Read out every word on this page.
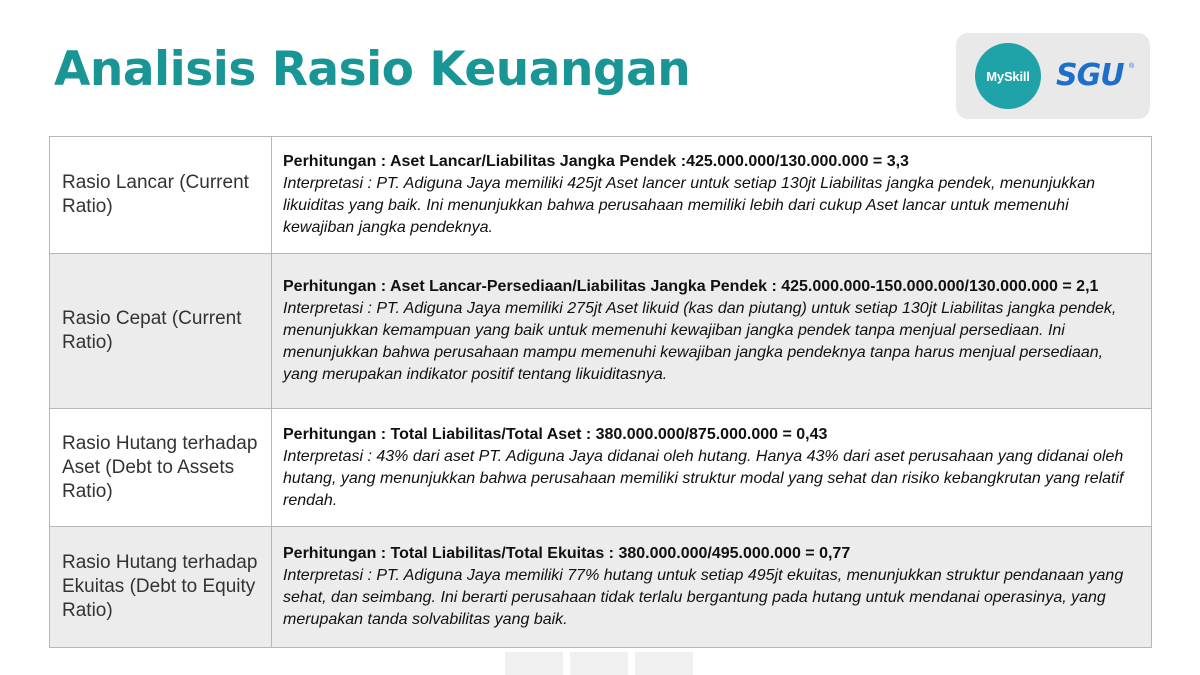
Analisis Rasio Keuangan	MySkill SGU ®
Rasio Lancar (Current Ratio)	Perhitungan : Aset Lancar/Liabilitas Jangka Pendek :425.000.000/130.000.000 = 3,3
Interpretasi : PT. Adiguna Jaya memiliki 425jt Aset lancer untuk setiap 130jt Liabilitas jangka pendek, menunjukkan likuiditas yang baik. Ini menunjukkan bahwa perusahaan memiliki lebih dari cukup Aset lancar untuk memenuhi kewajiban jangka pendeknya.

Rasio Cepat (Current Ratio)	Perhitungan : Aset Lancar-Persediaan/Liabilitas Jangka Pendek : 425.000.000-150.000.000/130.000.000 = 2,1
Interpretasi : PT. Adiguna Jaya memiliki 275jt Aset likuid (kas dan piutang) untuk setiap 130jt Liabilitas jangka pendek, menunjukkan kemampuan yang baik untuk memenuhi kewajiban jangka pendek tanpa menjual persediaan. Ini menunjukkan bahwa perusahaan mampu memenuhi kewajiban jangka pendeknya tanpa harus menjual persediaan, yang merupakan indikator positif tentang likuiditasnya.

Rasio Hutang terhadap Aset (Debt to Assets Ratio)	Perhitungan : Total Liabilitas/Total Aset : 380.000.000/875.000.000 = 0,43
Interpretasi : 43% dari aset PT. Adiguna Jaya didanai oleh hutang. Hanya 43% dari aset perusahaan yang didanai oleh hutang, yang menunjukkan bahwa perusahaan memiliki struktur modal yang sehat dan risiko kebangkrutan yang relatif rendah.

Rasio Hutang terhadap Ekuitas (Debt to Equity Ratio)	Perhitungan : Total Liabilitas/Total Ekuitas : 380.000.000/495.000.000 = 0,77
Interpretasi : PT. Adiguna Jaya memiliki 77% hutang untuk setiap 495jt ekuitas, menunjukkan struktur pendanaan yang sehat, dan seimbang. Ini berarti perusahaan tidak terlalu bergantung pada hutang untuk mendanai operasinya, yang merupakan tanda solvabilitas yang baik.
